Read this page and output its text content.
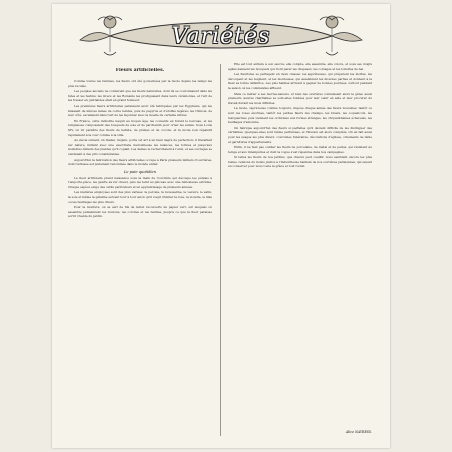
Variétés
Fleurs artificielles.

Comme toutes les femmes, les fleurs ont été gouvernées par la mode depuis les temps les plus reculés.

Les peuples anciens ne connurent que les fleurs naturelles, dont ils se couronnaient dans les fêtes et les festins; les Grecs et les Romains les prodiguaient dans leurs cérémonies, et l'art de les tresser en guirlandes était en grand honneur.

Les premières fleurs artificielles paraissent avoir été fabriquées par les Égyptiens, qui les faisaient de minces lames de corne teintes, puis de papyrus et d'étoffes légères; les Chinois, de leur côté, excellaient dans l'art de les façonner avec la moelle de certains arbres.

En France, cette industrie naquit au moyen âge; les couvents en furent le berceau, et les religieuses composaient des bouquets de soie et de parchemin pour orner les autels. Sous Louis XIV, on vit paraître des fleurs de batiste, de plumes et de cocons, et la mode s'en répandit rapidement à la cour comme à la ville.

Au siècle suivant, un Italien, Séguin, porta cet art à un haut degré de perfection; il travaillait sur nature, imitant avec une exactitude merveilleuse les nuances, les formes et jusqu'aux moindres défauts des plantes qu'il copiait. Les dames le recherchaient à l'envi, et ses ouvrages se vendaient à des prix considérables.

Aujourd'hui la fabrication des fleurs artificielles occupe à Paris plusieurs milliers d'ouvrières, dont l'adresse est justement renommée dans le monde entier.

Le pain quotidien

La fleur artificielle prend naissance sous la main de l'ouvrière qui découpe les pétales à l'emporte-pièce, les gaufre au fer chaud, puis les teint au pinceau avec une délicatesse extrême. Chaque espèce exige des outils particuliers et un apprentissage de plusieurs années.

Les matières employées sont des plus variées: la percale, la mousseline, le velours, le satin, la soie et même la gélatine servent tour à tour selon qu'il s'agit d'imiter la rose, la violette, le lilas ou les feuillages les plus divers.

Pour la monture, on se sert de fils de laiton recouverts de papier vert, sur lesquels on assemble patiemment les boutons, les corolles et les feuilles, jusqu'à ce que la fleur paraisse sortir vivante du jardin.

Elle est tout entière à son œuvre; elle compte, elle assemble, elle colore, et sous ses doigts agiles naissent les bouquets qui iront parer les chapeaux, les corsages et les toilettes de bal.

Les fleuristes se partagent en deux classes: les apprêteuses, qui préparent les étoffes, les découpent et les teignent, et les monteuses, qui assemblent les diverses parties et donnent à la fleur sa forme définitive. Les plus habiles arrivent à gagner de bonnes journées, surtout pendant la saison où les commandes affluent.

Mais ce métier a ses mortes-saisons, et bien des ouvrières connaissent alors la gêne; aussi plusieurs œuvres charitables se sont-elles fondées pour leur venir en aide et leur procurer du travail durant les mois difficiles.

La mode, capricieuse comme toujours, impose chaque année des fleurs nouvelles: tantôt ce sont les roses énormes, tantôt les petites fleurs des champs, les bluets, les coquelicots, les marguerites; puis viennent les orchidées aux formes étranges, les chrysanthèmes échevelés, les feuillages d'automne.

On fabrique aujourd'hui des fleurs si parfaites qu'il devient difficile de les distinguer des véritables; quelques-unes sont même parfumées, et l'illusion est alors complète. On en fait aussi pour les usages les plus divers: couronnes funéraires, décorations d'églises, ornements de table et garnitures d'appartements.

Enfin, il ne faut pas oublier les fleurs de porcelaine, de métal et de perles, qui résistent au temps et aux intempéries et dont la vogue s'est répandue dans nos campagnes.

Si telles les fleurs de nos jardins, que chacun peut cueillir, nous semblent encore les plus belles, rendons du moins justice à l'industrieuse habileté de nos ouvrières parisiennes, qui savent en conserver pour nous toute la grâce et tout l'éclat.

Alice NAYRESS.
